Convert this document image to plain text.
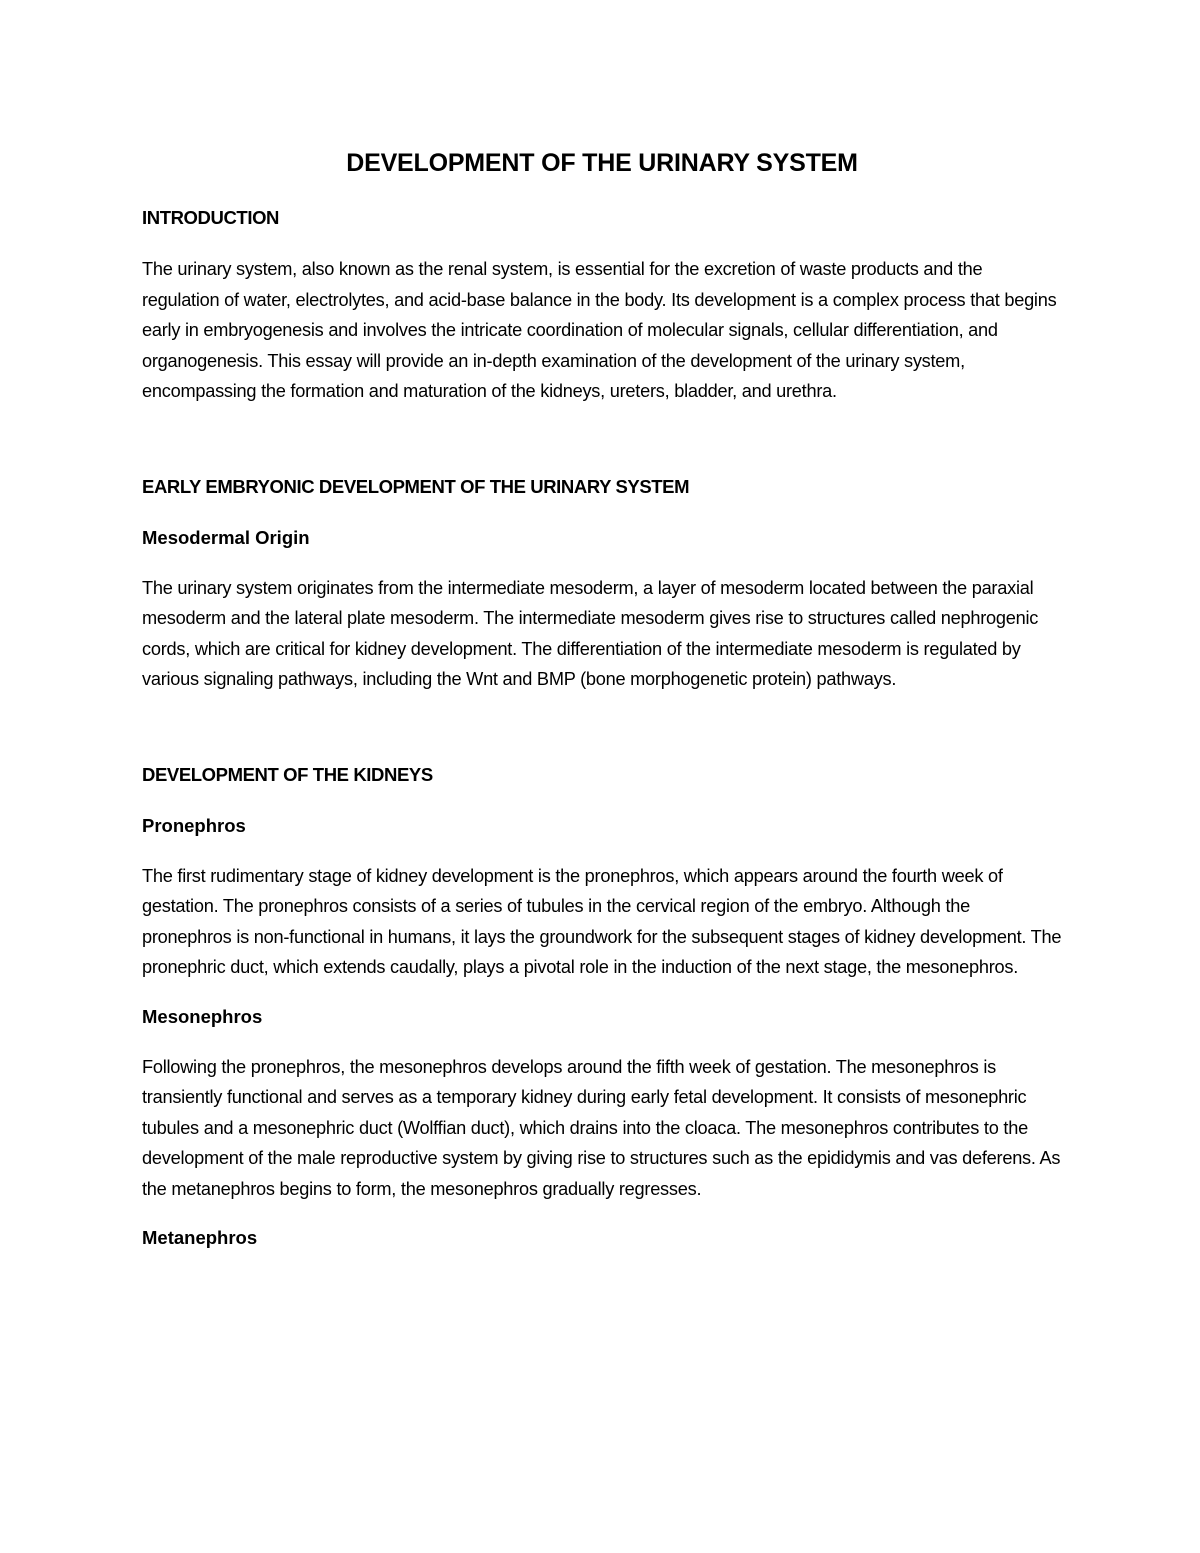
DEVELOPMENT OF THE URINARY SYSTEM
INTRODUCTION

The urinary system, also known as the renal system, is essential for the excretion of waste products and the regulation of water, electrolytes, and acid-base balance in the body. Its development is a complex process that begins early in embryogenesis and involves the intricate coordination of molecular signals, cellular differentiation, and organogenesis. This essay will provide an in-depth examination of the development of the urinary system, encompassing the formation and maturation of the kidneys, ureters, bladder, and urethra.

EARLY EMBRYONIC DEVELOPMENT OF THE URINARY SYSTEM
Mesodermal Origin

The urinary system originates from the intermediate mesoderm, a layer of mesoderm located between the paraxial mesoderm and the lateral plate mesoderm. The intermediate mesoderm gives rise to structures called nephrogenic cords, which are critical for kidney development. The differentiation of the intermediate mesoderm is regulated by various signaling pathways, including the Wnt and BMP (bone morphogenetic protein) pathways.

DEVELOPMENT OF THE KIDNEYS
Pronephros

The first rudimentary stage of kidney development is the pronephros, which appears around the fourth week of gestation. The pronephros consists of a series of tubules in the cervical region of the embryo. Although the pronephros is non-functional in humans, it lays the groundwork for the subsequent stages of kidney development. The pronephric duct, which extends caudally, plays a pivotal role in the induction of the next stage, the mesonephros.

Mesonephros

Following the pronephros, the mesonephros develops around the fifth week of gestation. The mesonephros is transiently functional and serves as a temporary kidney during early fetal development. It consists of mesonephric tubules and a mesonephric duct (Wolffian duct), which drains into the cloaca. The mesonephros contributes to the development of the male reproductive system by giving rise to structures such as the epididymis and vas deferens. As the metanephros begins to form, the mesonephros gradually regresses.

Metanephros
